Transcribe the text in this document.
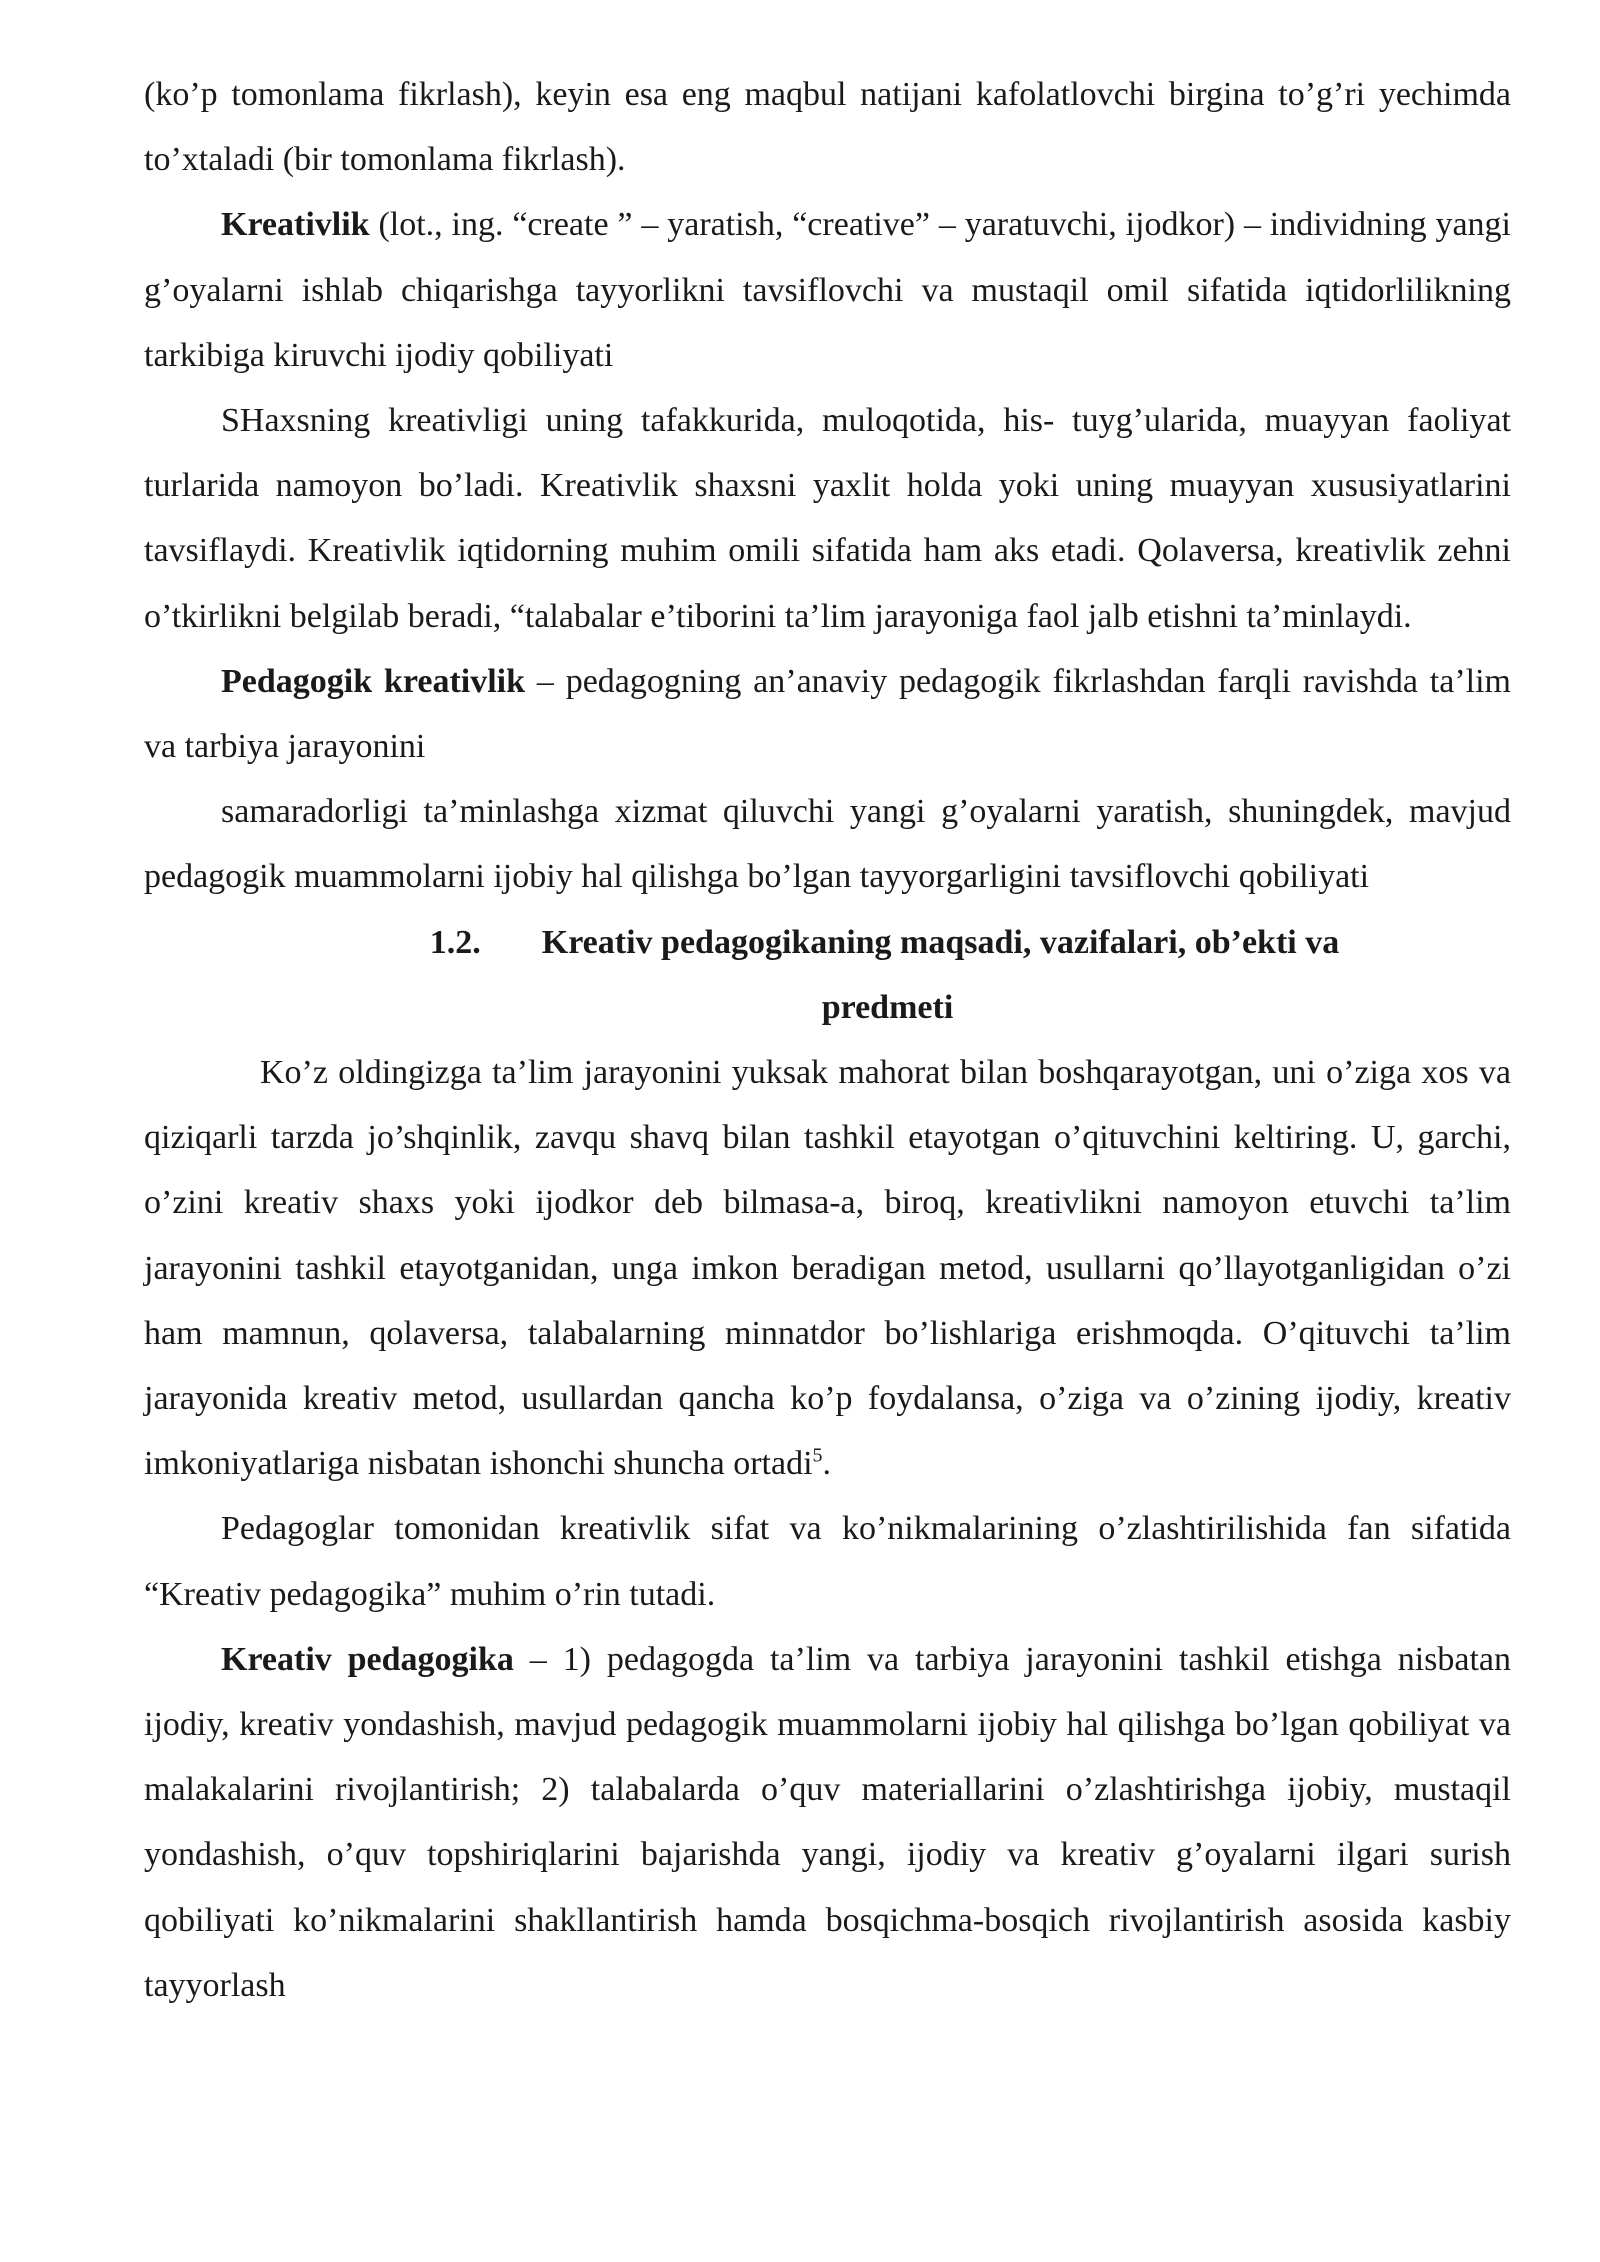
(ko’p tomonlama fikrlash), keyin esa eng maqbul natijani kafolatlovchi birgina to’g’ri yechimda to’xtaladi (bir tomonlama fikrlash).

Kreativlik (lot., ing. “create ” – yaratish, “creative” – yaratuvchi, ijodkor) – individning yangi g’oyalarni ishlab chiqarishga tayyorlikni tavsiflovchi va mustaqil omil sifatida iqtidorlilikning tarkibiga kiruvchi ijodiy qobiliyati

SHaxsning kreativligi uning tafakkurida, muloqotida, his- tuyg’ularida, muayyan faoliyat turlarida namoyon bo’ladi. Kreativlik shaxsni yaxlit holda yoki uning muayyan xususiyatlarini tavsiflaydi. Kreativlik iqtidorning muhim omili sifatida ham aks etadi. Qolaversa, kreativlik zehni o’tkirlikni belgilab beradi, “talabalar e’tiborini ta’lim jarayoniga faol jalb etishni ta’minlaydi.

Pedagogik kreativlik – pedagogning an’anaviy pedagogik fikrlashdan farqli ravishda ta’lim va tarbiya jarayonini

samaradorligi ta’minlashga xizmat qiluvchi yangi g’oyalarni yaratish, shuningdek, mavjud pedagogik muammolarni ijobiy hal qilishga bo’lgan tayyorgarligini tavsiflovchi qobiliyati

1.2. Kreativ pedagogikaning maqsadi, vazifalari, ob’ekti va
predmeti

Ko’z oldingizga ta’lim jarayonini yuksak mahorat bilan boshqarayotgan, uni o’ziga xos va qiziqarli tarzda jo’shqinlik, zavqu shavq bilan tashkil etayotgan o’qituvchini keltiring. U, garchi, o’zini kreativ shaxs yoki ijodkor deb bilmasa-a, biroq, kreativlikni namoyon etuvchi ta’lim jarayonini tashkil etayotganidan, unga imkon beradigan metod, usullarni qo’llayotganligidan o’zi ham mamnun, qolaversa, talabalarning minnatdor bo’lishlariga erishmoqda. O’qituvchi ta’lim jarayonida kreativ metod, usullardan qancha ko’p foydalansa, o’ziga va o’zining ijodiy, kreativ imkoniyatlariga nisbatan ishonchi shuncha ortadi$^5$.

Pedagoglar tomonidan kreativlik sifat va ko’nikmalarining o’zlashtirilishida fan sifatida “Kreativ pedagogika” muhim o’rin tutadi.

Kreativ pedagogika – 1) pedagogda ta’lim va tarbiya jarayonini tashkil etishga nisbatan ijodiy, kreativ yondashish, mavjud pedagogik muammolarni ijobiy hal qilishga bo’lgan qobiliyat va malakalarini rivojlantirish; 2) talabalarda o’quv materiallarini o’zlashtirishga ijobiy, mustaqil yondashish, o’quv topshiriqlarini bajarishda yangi, ijodiy va kreativ g’oyalarni ilgari surish qobiliyati ko’nikmalarini shakllantirish hamda bosqichma-bosqich rivojlantirish asosida kasbiy tayyorlash
